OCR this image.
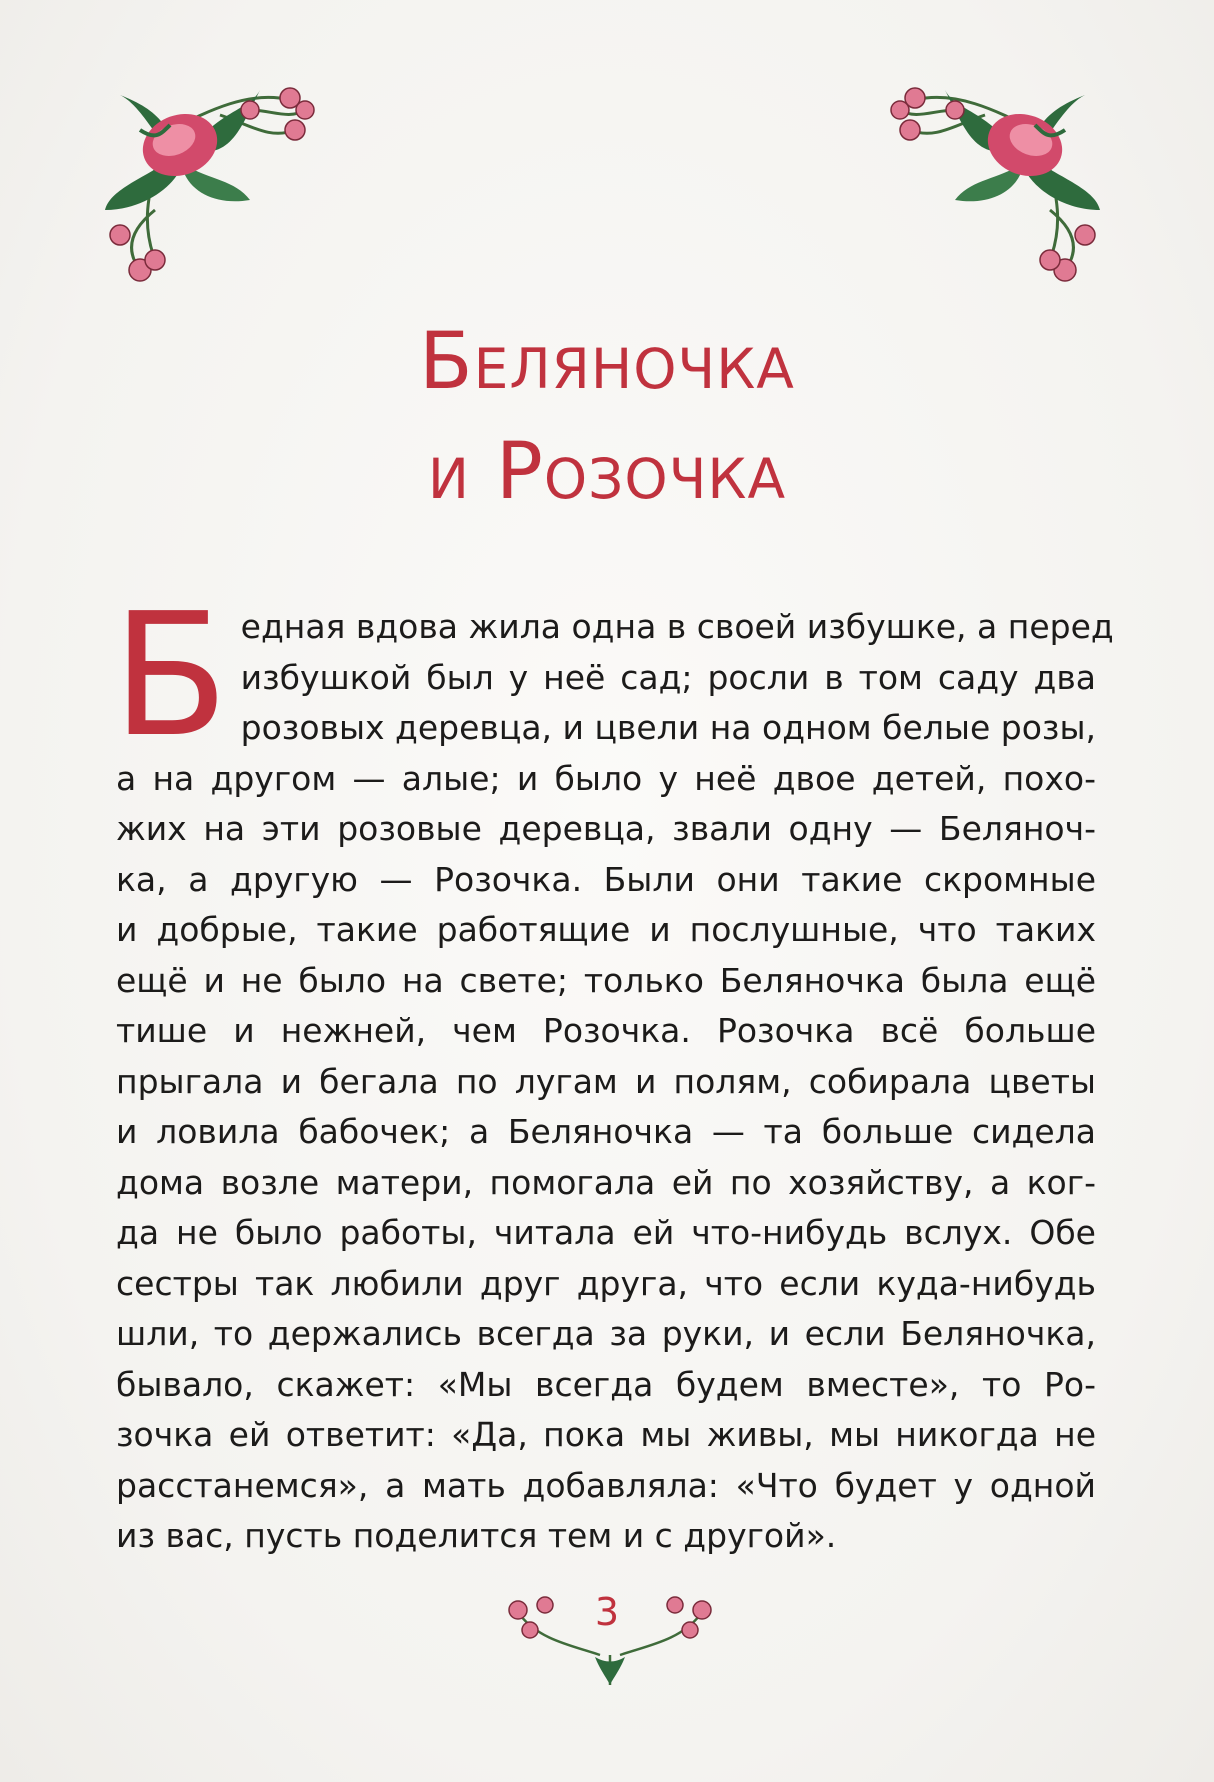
Беляночка
и Розочка
Б едная вдова жила одна в своей избушке, а перед
избушкой был у неё сад; росли в том саду два
розовых деревца, и цвели на одном белые розы,
а на другом — алые; и было у неё двое детей, похо-
жих на эти розовые деревца, звали одну — Беляноч-
ка, а другую — Розочка. Были они такие скромные
и добрые, такие работящие и послушные, что таких
ещё и не было на свете; только Беляночка была ещё
тише и нежней, чем Розочка. Розочка всё больше
прыгала и бегала по лугам и полям, собирала цветы
и ловила бабочек; а Беляночка — та больше сидела
дома возле матери, помогала ей по хозяйству, а ког-
да не было работы, читала ей что-нибудь вслух. Обе
сестры так любили друг друга, что если куда-нибудь
шли, то держались всегда за руки, и если Беляночка,
бывало, скажет: «Мы всегда будем вместе», то Ро-
зочка ей ответит: «Да, пока мы живы, мы никогда не
расстанемся», а мать добавляла: «Что будет у одной
из вас, пусть поделится тем и с другой».
3
